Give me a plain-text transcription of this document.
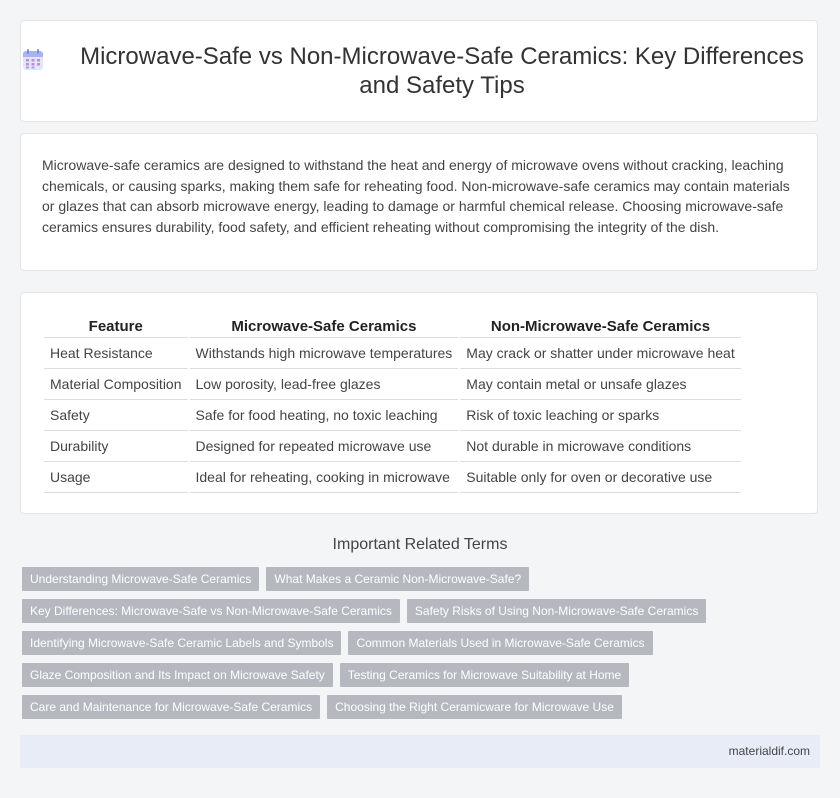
Microwave-Safe vs Non-Microwave-Safe Ceramics: Key Differences and Safety Tips

Microwave-safe ceramics are designed to withstand the heat and energy of microwave ovens without cracking, leaching chemicals, or causing sparks, making them safe for reheating food. Non-microwave-safe ceramics may contain materials or glazes that can absorb microwave energy, leading to damage or harmful chemical release. Choosing microwave-safe ceramics ensures durability, food safety, and efficient reheating without compromising the integrity of the dish.

Feature	Microwave-Safe Ceramics	Non-Microwave-Safe Ceramics
Heat Resistance	Withstands high microwave temperatures	May crack or shatter under microwave heat
Material Composition	Low porosity, lead-free glazes	May contain metal or unsafe glazes
Safety	Safe for food heating, no toxic leaching	Risk of toxic leaching or sparks
Durability	Designed for repeated microwave use	Not durable in microwave conditions
Usage	Ideal for reheating, cooking in microwave	Suitable only for oven or decorative use
Important Related Terms
Understanding Microwave-Safe Ceramics	What Makes a Ceramic Non-Microwave-Safe?
Key Differences: Microwave-Safe vs Non-Microwave-Safe Ceramics	Safety Risks of Using Non-Microwave-Safe Ceramics
Identifying Microwave-Safe Ceramic Labels and Symbols	Common Materials Used in Microwave-Safe Ceramics
Glaze Composition and Its Impact on Microwave Safety	Testing Ceramics for Microwave Suitability at Home
Care and Maintenance for Microwave-Safe Ceramics	Choosing the Right Ceramicware for Microwave Use
materialdif.com
